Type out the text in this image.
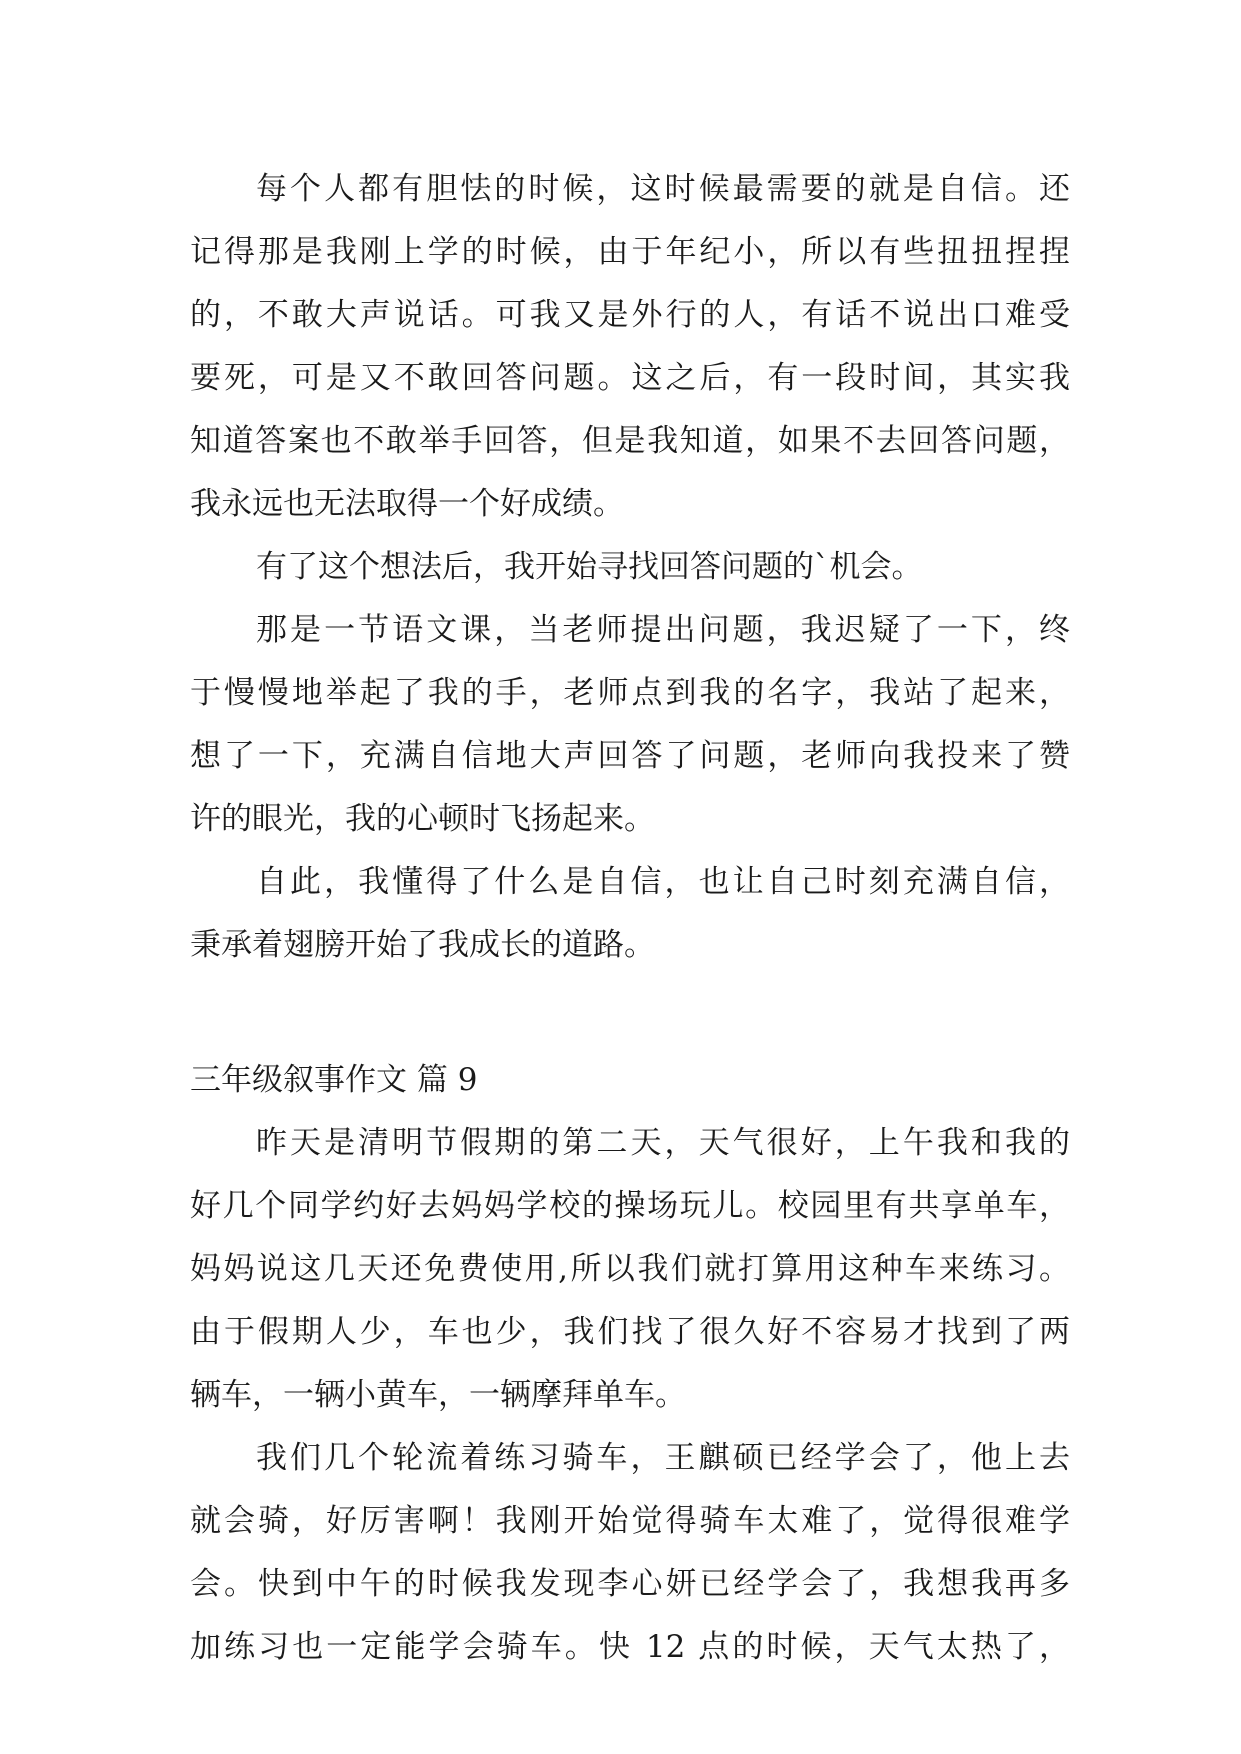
每个人都有胆怯的时候，这时候最需要的就是自信。还
记得那是我刚上学的时候，由于年纪小，所以有些扭扭捏捏
的，不敢大声说话。可我又是外行的人，有话不说出口难受
要死，可是又不敢回答问题。这之后，有一段时间，其实我
知道答案也不敢举手回答，但是我知道，如果不去回答问题，
我永远也无法取得一个好成绩。
有了这个想法后，我开始寻找回答问题的`机会。
那是一节语文课，当老师提出问题，我迟疑了一下，终
于慢慢地举起了我的手，老师点到我的名字，我站了起来，
想了一下，充满自信地大声回答了问题，老师向我投来了赞
许的眼光，我的心顿时飞扬起来。
自此，我懂得了什么是自信，也让自己时刻充满自信，
秉承着翅膀开始了我成长的道路。
三年级叙事作文 篇 9
昨天是清明节假期的第二天，天气很好，上午我和我的
好几个同学约好去妈妈学校的操场玩儿。校园里有共享单车，
妈妈说这几天还免费使用,所以我们就打算用这种车来练习。
由于假期人少，车也少，我们找了很久好不容易才找到了两
辆车，一辆小黄车，一辆摩拜单车。
我们几个轮流着练习骑车，王麒硕已经学会了，他上去
就会骑，好厉害啊！我刚开始觉得骑车太难了，觉得很难学
会。快到中午的时候我发现李心妍已经学会了，我想我再多
加练习也一定能学会骑车。快 12 点的时候，天气太热了，
